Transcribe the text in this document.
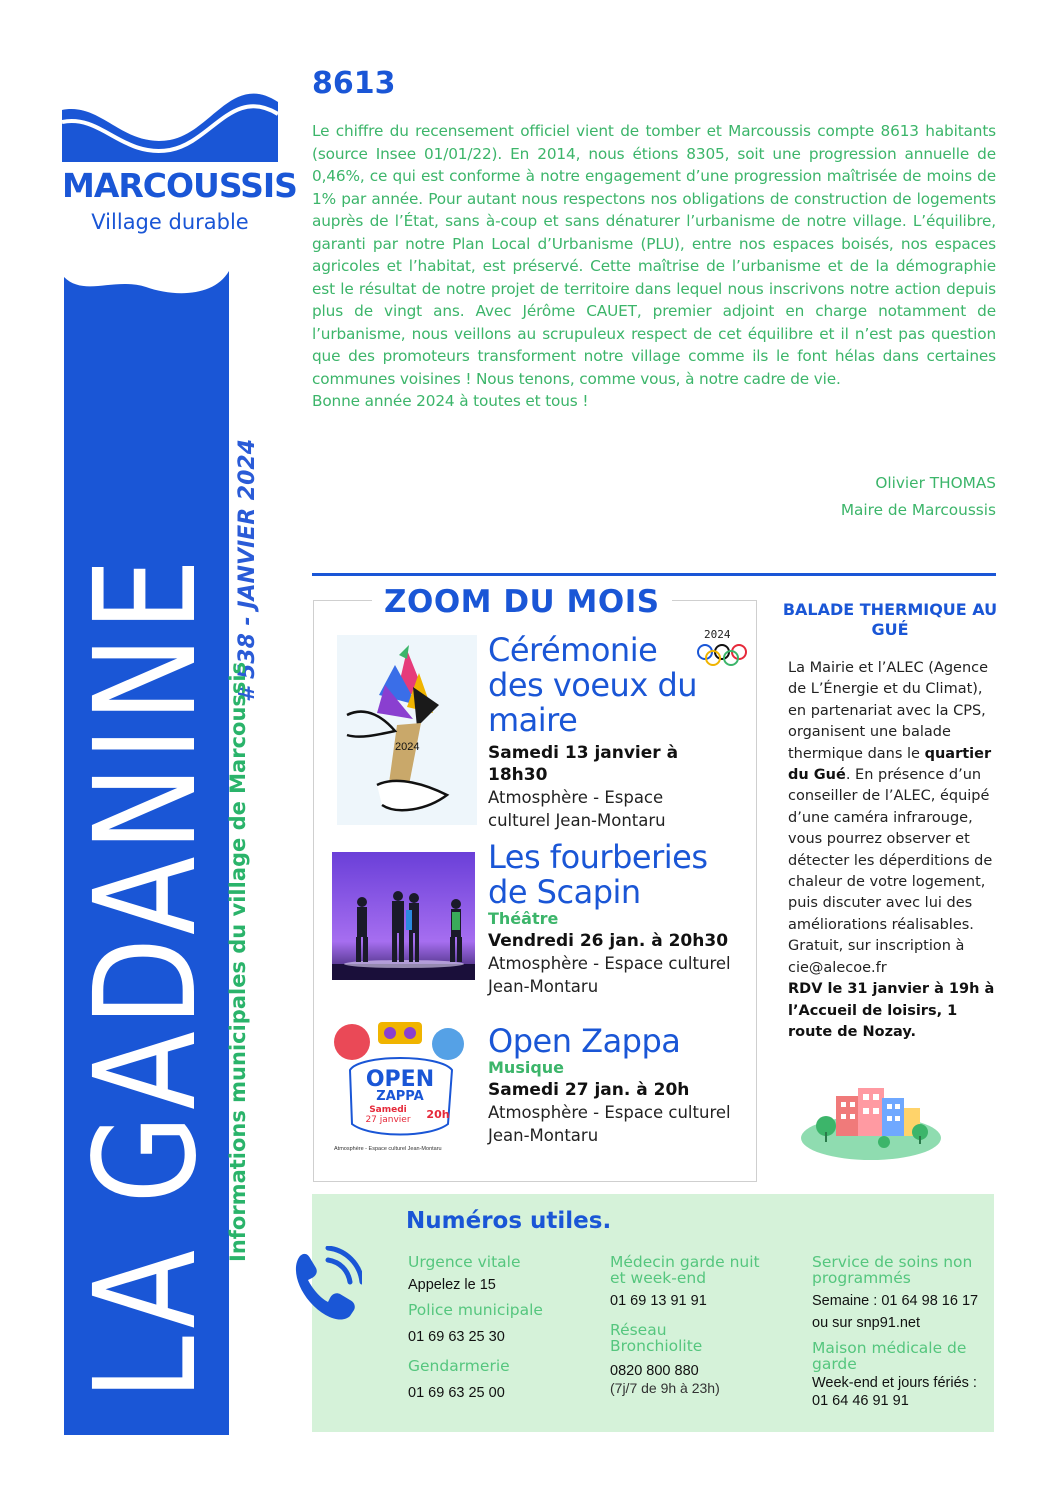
MARCOUSSIS
Village durable
LA GADANINE # 538 - JANVIER 2024
Informations municipales du village de Marcoussis
8613

Le chiffre du recensement officiel vient de tomber et Marcoussis compte 8613 habitants (source Insee 01/01/22). En 2014, nous étions 8305, soit une progression annuelle de 0,46%, ce qui est conforme à notre engagement d’une progression maîtrisée de moins de 1% par année. Pour autant nous respectons nos obligations de construction de logements auprès de l’État, sans à-coup et sans dénaturer l’urbanisme de notre village. L’équilibre, garanti par notre Plan Local d’Urbanisme (PLU), entre nos espaces boisés, nos espaces agricoles et l’habitat, est préservé. Cette maîtrise de l’urbanisme et de la démographie est le résultat de notre projet de territoire dans lequel nous inscrivons notre action depuis plus de vingt ans. Avec Jérôme CAUET, premier adjoint en charge notamment de l’urbanisme, nous veillons au scrupuleux respect de cet équilibre et il n’est pas question que des promoteurs transforment notre village comme ils le font hélas dans certaines communes voisines ! Nous tenons, comme vous, à notre cadre de vie.

Bonne année 2024 à toutes et tous !

Olivier THOMAS
Maire de Marcoussis
ZOOM DU MOIS
2024
2024
Cérémonie des voeux du maire
Samedi 13 janvier à 18h30
Atmosphère - Espace culturel Jean-Montaru
Les fourberies de Scapin
Théâtre
Vendredi 26 jan. à 20h30
Atmosphère - Espace culturel Jean-Montaru
OPEN
ZAPPA
Samedi
27 janvier 20h
Atmosphère - Espace culturel Jean-Montaru
Open Zappa
Musique
Samedi 27 jan. à 20h
Atmosphère - Espace culturel Jean-Montaru
BALADE THERMIQUE AU GUÉ
La Mairie et l’ALEC (Agence de L’Énergie et du Climat), en partenariat avec la CPS, organisent une balade thermique dans le quartier du Gué. En présence d’un conseiller de l’ALEC, équipé d’une caméra infrarouge, vous pourrez observer et détecter les déperditions de chaleur de votre logement, puis discuter avec lui des améliorations réalisables. Gratuit, sur inscription à cie@alecoe.fr
RDV le 31 janvier à 19h à l’Accueil de loisirs, 1 route de Nozay.
Numéros utiles.
Urgence vitale
Appelez le 15
Police municipale
01 69 63 25 30
Gendarmerie
01 69 63 25 00
Médecin garde nuit et week-end
01 69 13 91 91
Réseau Bronchiolite
0820 800 880
(7j/7 de 9h à 23h)
Service de soins non programmés
Semaine : 01 64 98 16 17
ou sur snp91.net
Maison médicale de garde
Week-end et jours fériés :
01 64 46 91 91
